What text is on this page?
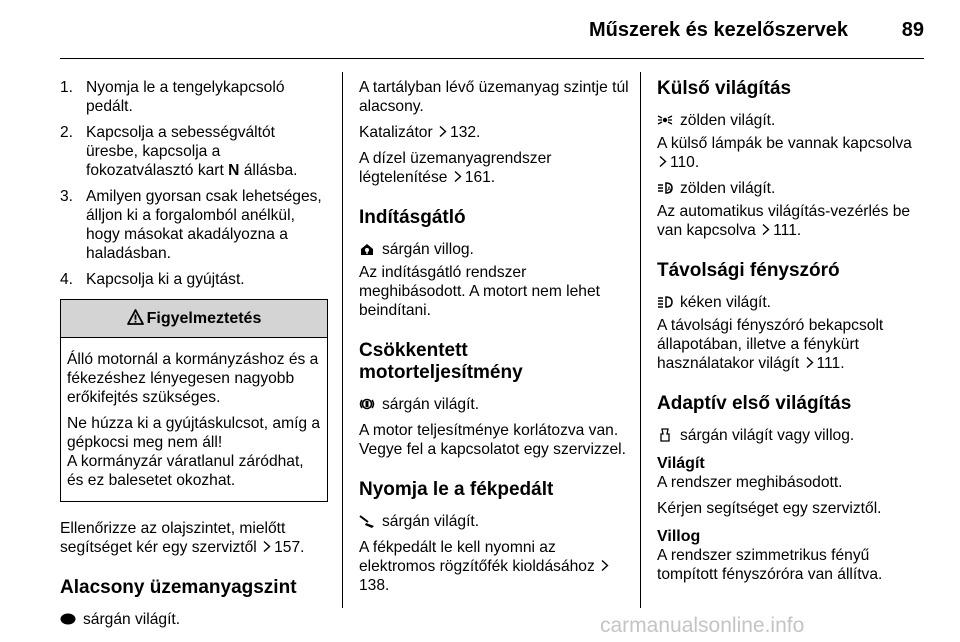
Műszerek és kezelőszervek	89
1. Nyomja le a tengelykapcsoló pedált.
2. Kapcsolja a sebességváltót üresbe, kapcsolja a fokozatválasztó kart N állásba.
3. Amilyen gyorsan csak lehetséges, álljon ki a forgalomból anélkül, hogy másokat akadályozna a haladásban.
4. Kapcsolja ki a gyújtást.
Figyelmeztetés

Álló motornál a kormányzáshoz és a fékezéshez lényegesen nagyobb erőkifejtés szükséges.

Ne húzza ki a gyújtáskulcsot, amíg a gépkocsi meg nem áll!

A kormányzár váratlanul záródhat, és ez balesetet okozhat.

Ellenőrizze az olajszintet, mielőtt segítséget kér egy szerviztől 157.

Alacsony üzemanyagszint

sárgán világít.

A tartályban lévő üzemanyag szintje túl alacsony.

Katalizátor 132.

A dízel üzemanyagrendszer légtelenítése 161.

Indításgátló

sárgán villog.

Az indításgátló rendszer meghibásodott. A motort nem lehet beindítani.

Csökkentett motorteljesítmény

sárgán világít.

A motor teljesítménye korlátozva van. Vegye fel a kapcsolatot egy szervizzel.

Nyomja le a fékpedált

sárgán világít.

A fékpedált le kell nyomni az elektromos rögzítőfék kioldásához 138.

Külső világítás

zölden világít.

A külső lámpák be vannak kapcsolva 110.

A zölden világít.

Az automatikus világítás-vezérlés be van kapcsolva 111.

Távolsági fényszóró

kéken világít.

A távolsági fényszóró bekapcsolt állapotában, illetve a fénykürt használatakor világít 111.

Adaptív első világítás

sárgán világít vagy villog.

Világít

A rendszer meghibásodott.

Kérjen segítséget egy szerviztől.

Villog

A rendszer szimmetrikus fényű tompított fényszóróra van állítva.

carmanualsonline.info
